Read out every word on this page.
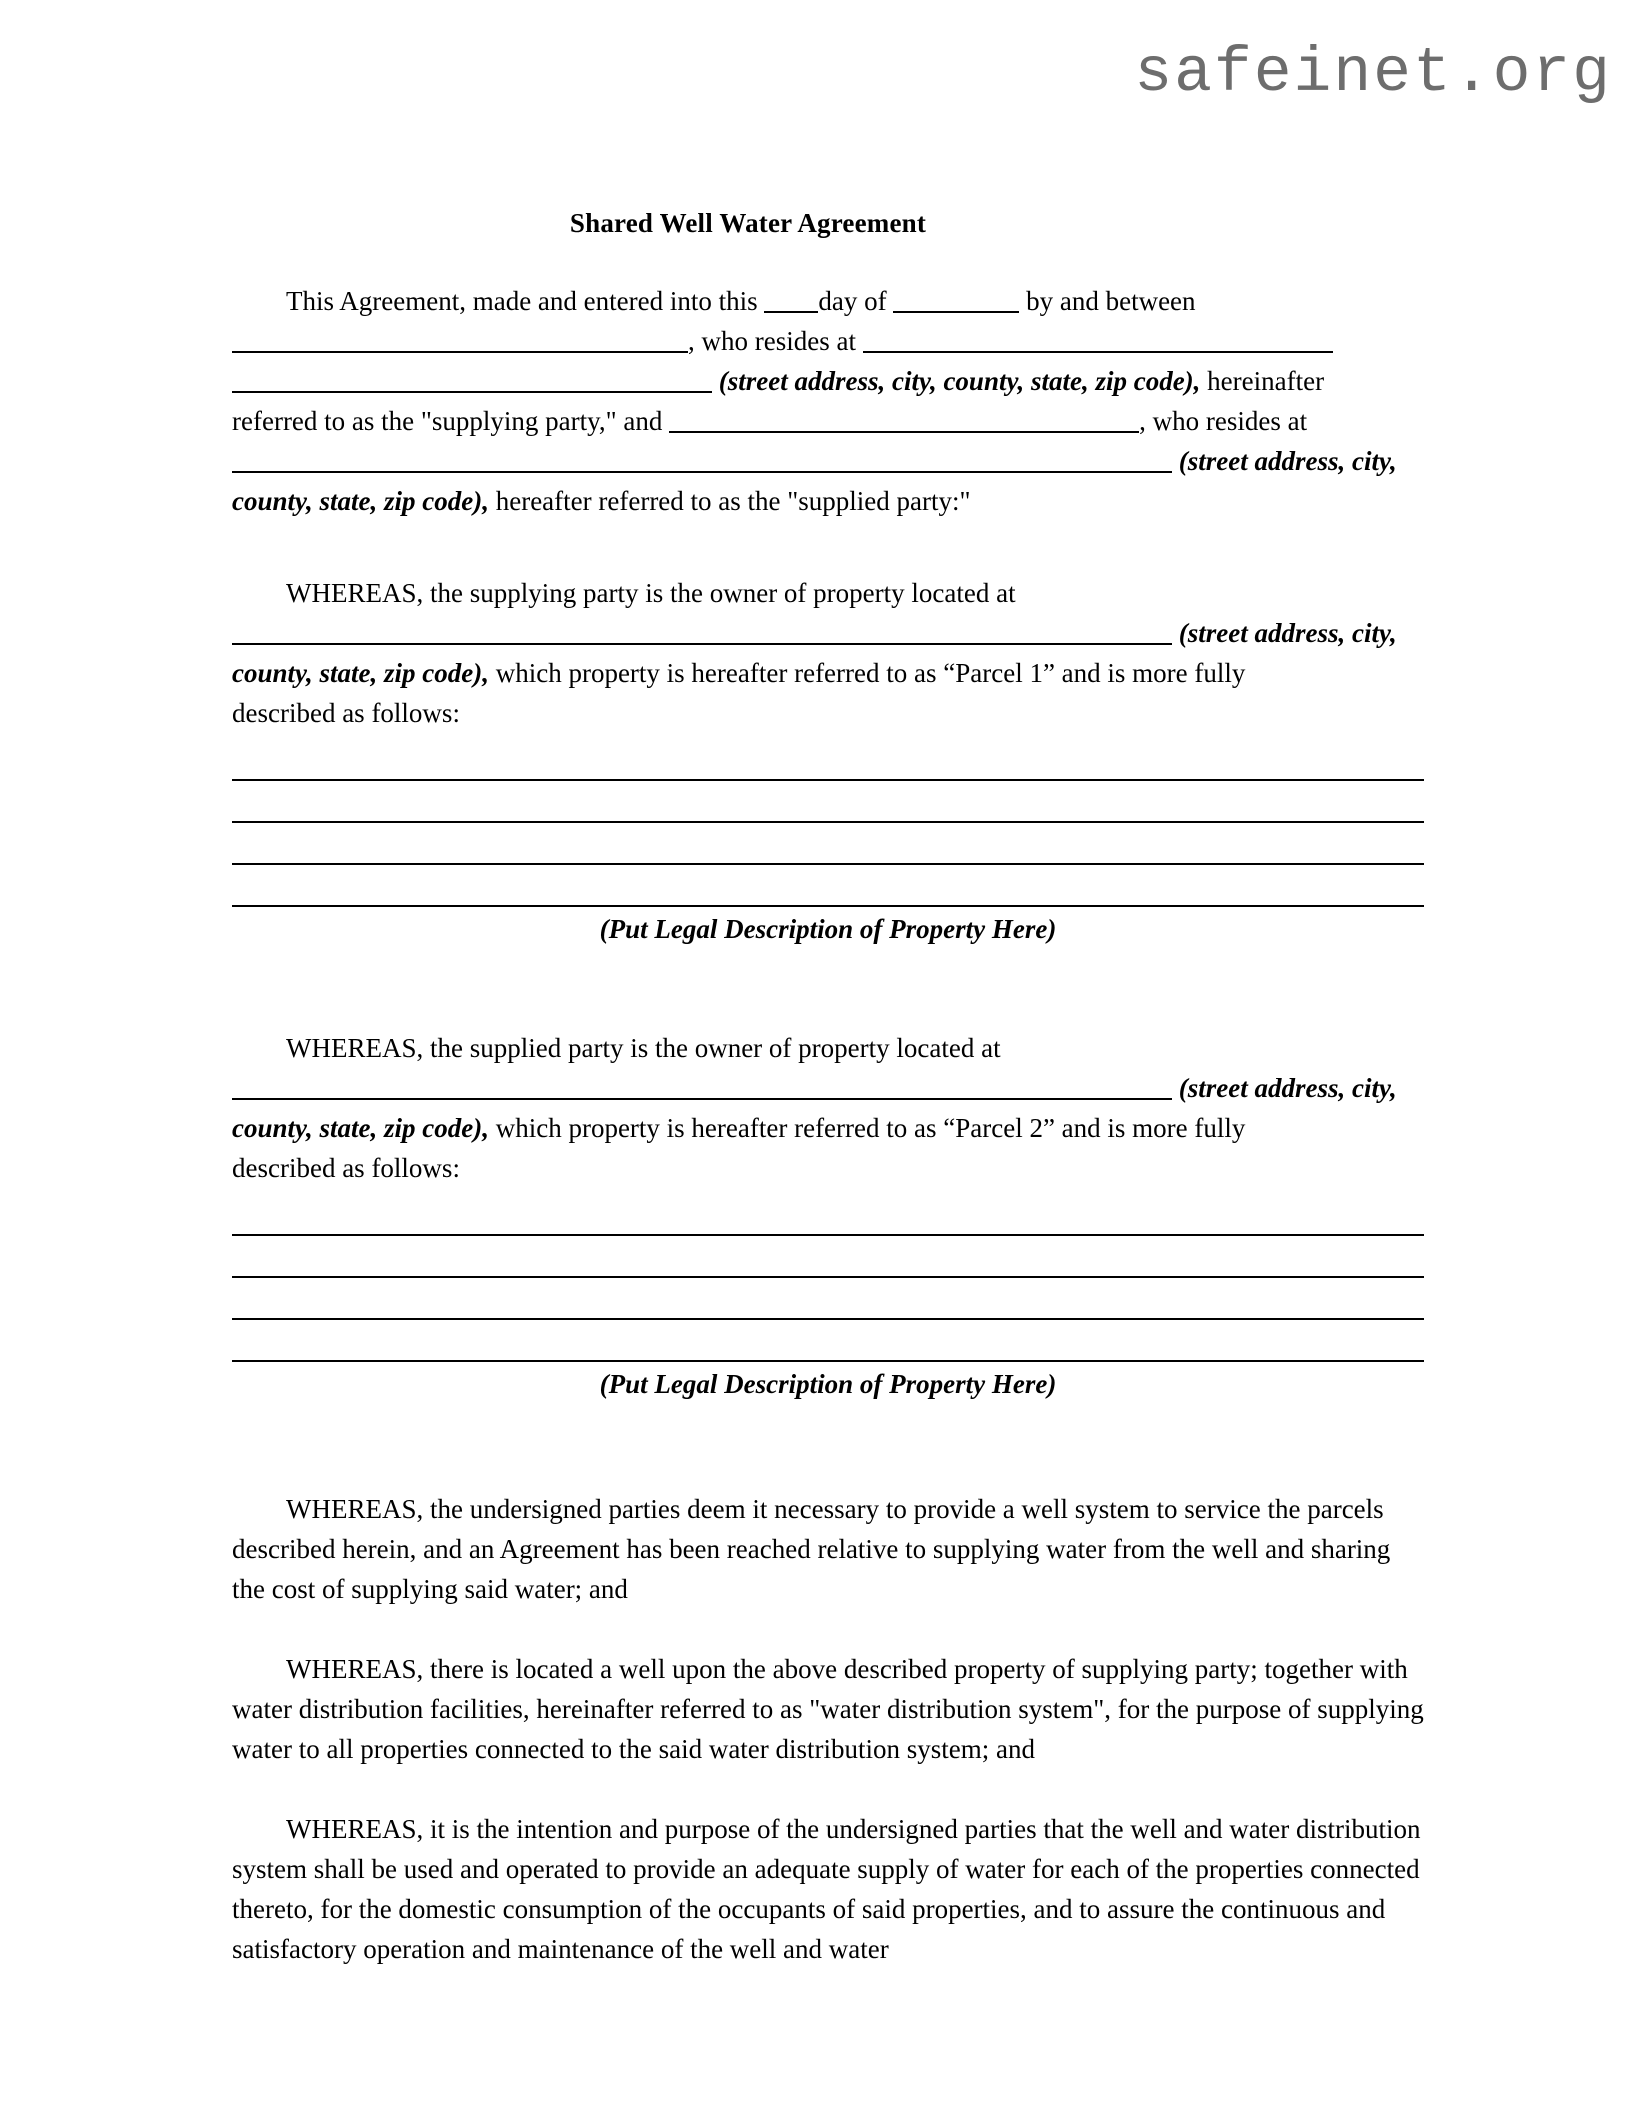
safeinet.org
Shared Well Water Agreement

This Agreement, made and entered into this day of	by and between

, who resides at

(street address, city, county, state, zip code), hereinafter

referred to as the "supplying party," and	, who resides at

(street address, city,

county, state, zip code), hereafter referred to as the "supplied party:"

WHEREAS, the supplying party is the owner of property located at

(street address, city,

county, state, zip code), which property is hereafter referred to as “Parcel 1” and is more fully

described as follows:

(Put Legal Description of Property Here)

WHEREAS, the supplied party is the owner of property located at

(street address, city,

county, state, zip code), which property is hereafter referred to as “Parcel 2” and is more fully

described as follows:

(Put Legal Description of Property Here)

WHEREAS, the undersigned parties deem it necessary to provide a well system to service the parcels described herein, and an Agreement has been reached relative to supplying water from the well and sharing the cost of supplying said water; and

WHEREAS, there is located a well upon the above described property of supplying party; together with water distribution facilities, hereinafter referred to as "water distribution system", for the purpose of supplying water to all properties connected to the said water distribution system; and

WHEREAS, it is the intention and purpose of the undersigned parties that the well and water distribution system shall be used and operated to provide an adequate supply of water for each of the properties connected thereto, for the domestic consumption of the occupants of said properties, and to assure the continuous and satisfactory operation and maintenance of the well and water
